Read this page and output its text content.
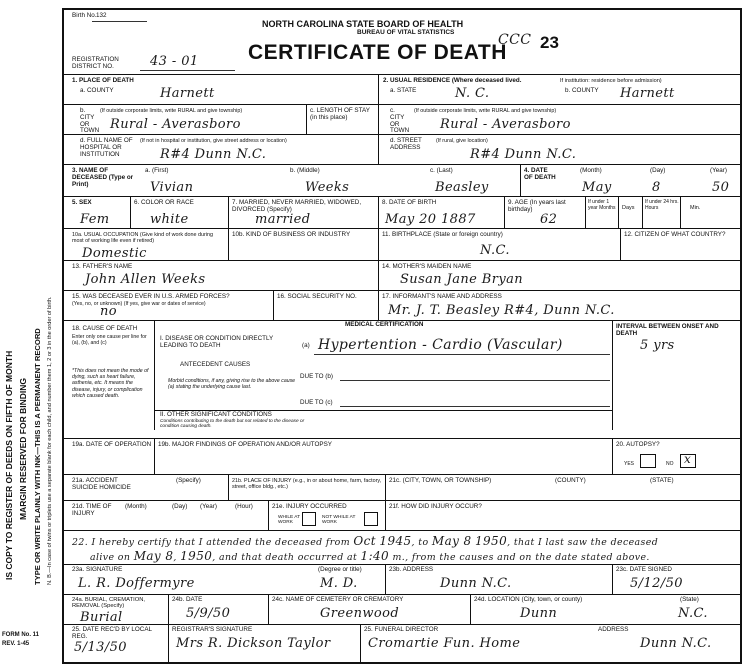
IS COPY TO REGISTER OF DEEDS ON FIFTH OF MONTH MARGIN RESERVED FOR BINDING TYPE OR WRITE PLAINLY WITH INK—THIS IS A PERMANENT RECORD N. B.—In case of twins or triplets use a separate blank for each child, and number them 1, 2 or 3 in the order of birth.
FORM No. 11
REV. 1-45
Birth No. 132
NORTH CAROLINA STATE BOARD OF HEALTH
BUREAU OF VITAL STATISTICS
CERTIFICATE OF DEATH
CCC 23
REGISTRATION DISTRICT NO.	43 - 01
1. PLACE OF DEATH
a. COUNTY	Harnett
b. CITY OR TOWN
(If outside corporate limits, write RURAL and give township)
Rural - Averasboro
c. LENGTH OF STAY (in this place)
d. FULL NAME OF HOSPITAL OR INSTITUTION
(If not in hospital or institution, give street address or location)
R#4 Dunn N.C.
2. USUAL RESIDENCE (Where deceased lived.	If institution: residence before admission)
a. STATE	N. C.	b. COUNTY Harnett
c. CITY OR TOWN
(If outside corporate limits, write RURAL and give township)
Rural - Averasboro
d. STREET ADDRESS
(If rural, give location)
R#4 Dunn N.C.
3. NAME OF DECEASED (Type or Print)
a. (First)
Vivian
b. (Middle)
Weeks
c. (Last)
Beasley
4. DATE OF DEATH
(Month)	(Day)	(Year)
May	8	50
5. SEX
Fem
6. COLOR OR RACE
white
7. MARRIED, NEVER MARRIED, WIDOWED, DIVORCED (Specify)
married
8. DATE OF BIRTH
May 20 1887
9. AGE (In years last birthday)
62
If under 1 year Months	Days
If under 24 hrs. Hours	Min.
10a. USUAL OCCUPATION (Give kind of work done during most of working life even if retired)
Domestic
10b. KIND OF BUSINESS OR INDUSTRY	11. BIRTHPLACE (State or foreign country)
N.C.
12. CITIZEN OF WHAT COUNTRY?
13. FATHER'S NAME
John Allen Weeks
14. MOTHER'S MAIDEN NAME
Susan Jane Bryan
15. WAS DECEASED EVER IN U.S. ARMED FORCES?
(Yes, no, or unknown) (If yes, give war or dates of service)
no
16. SOCIAL SECURITY NO.	17. INFORMANT'S NAME AND ADDRESS
Mr. J. T. Beasley R#4, Dunn N.C.
MEDICAL CERTIFICATION
18. CAUSE OF DEATH
Enter only one cause per line for (a), (b), and (c)
I. DISEASE OR CONDITION DIRECTLY LEADING TO DEATH	(a) Hypertention - Cardio (Vascular)
INTERVAL BETWEEN ONSET AND DEATH
5 yrs
ANTECEDENT CAUSES
*This does not mean the mode of dying, such as heart failure, asthenia, etc. It means the disease, injury, or complication which caused death.
Morbid conditions, if any, giving rise to the above cause (a) stating the underlying cause last.
DUE TO (b)
DUE TO (c)
II. OTHER SIGNIFICANT CONDITIONS
Conditions contributing to the death but not related to the disease or condition causing death.
19a. DATE OF OPERATION 19b. MAJOR FINDINGS OF OPERATION AND/OR AUTOPSY	20. AUTOPSY?
YES	NO x
21a. ACCIDENT SUICIDE HOMICIDE
(Specify)	21b. PLACE OF INJURY (e.g., in or about home, farm, factory, street, office bldg., etc.)
21c. (CITY, TOWN, OR TOWNSHIP)	(COUNTY)	(STATE)
21d. TIME OF INJURY
(Month)	(Day) (Year)	(Hour)	21e. INJURY OCCURRED
WHILE AT WORK
NOT WHILE AT WORK
21f. HOW DID INJURY OCCUR?
22. I hereby certify that I attended the deceased from Oct 1945, to May 8 1950, that I last saw the deceased
alive on May 8, 1950, and that death occurred at 1:40 m., from the causes and on the date stated above.
23a. SIGNATURE
L. R. Doffermyre
(Degree or title)
M. D.
23b. ADDRESS
Dunn N.C.
23c. DATE SIGNED
5/12/50
24a. BURIAL, CREMATION, REMOVAL (Specify)
Burial
24b. DATE
5/9/50
24c. NAME OF CEMETERY OR CREMATORY
Greenwood
24d. LOCATION (City, town, or county)	(State)
Dunn	N.C.
25. DATE REC'D BY LOCAL REG.
5/13/50
REGISTRAR'S SIGNATURE
Mrs R. Dickson Taylor
25. FUNERAL DIRECTOR
Cromartie Fun. Home
ADDRESS
Dunn N.C.
